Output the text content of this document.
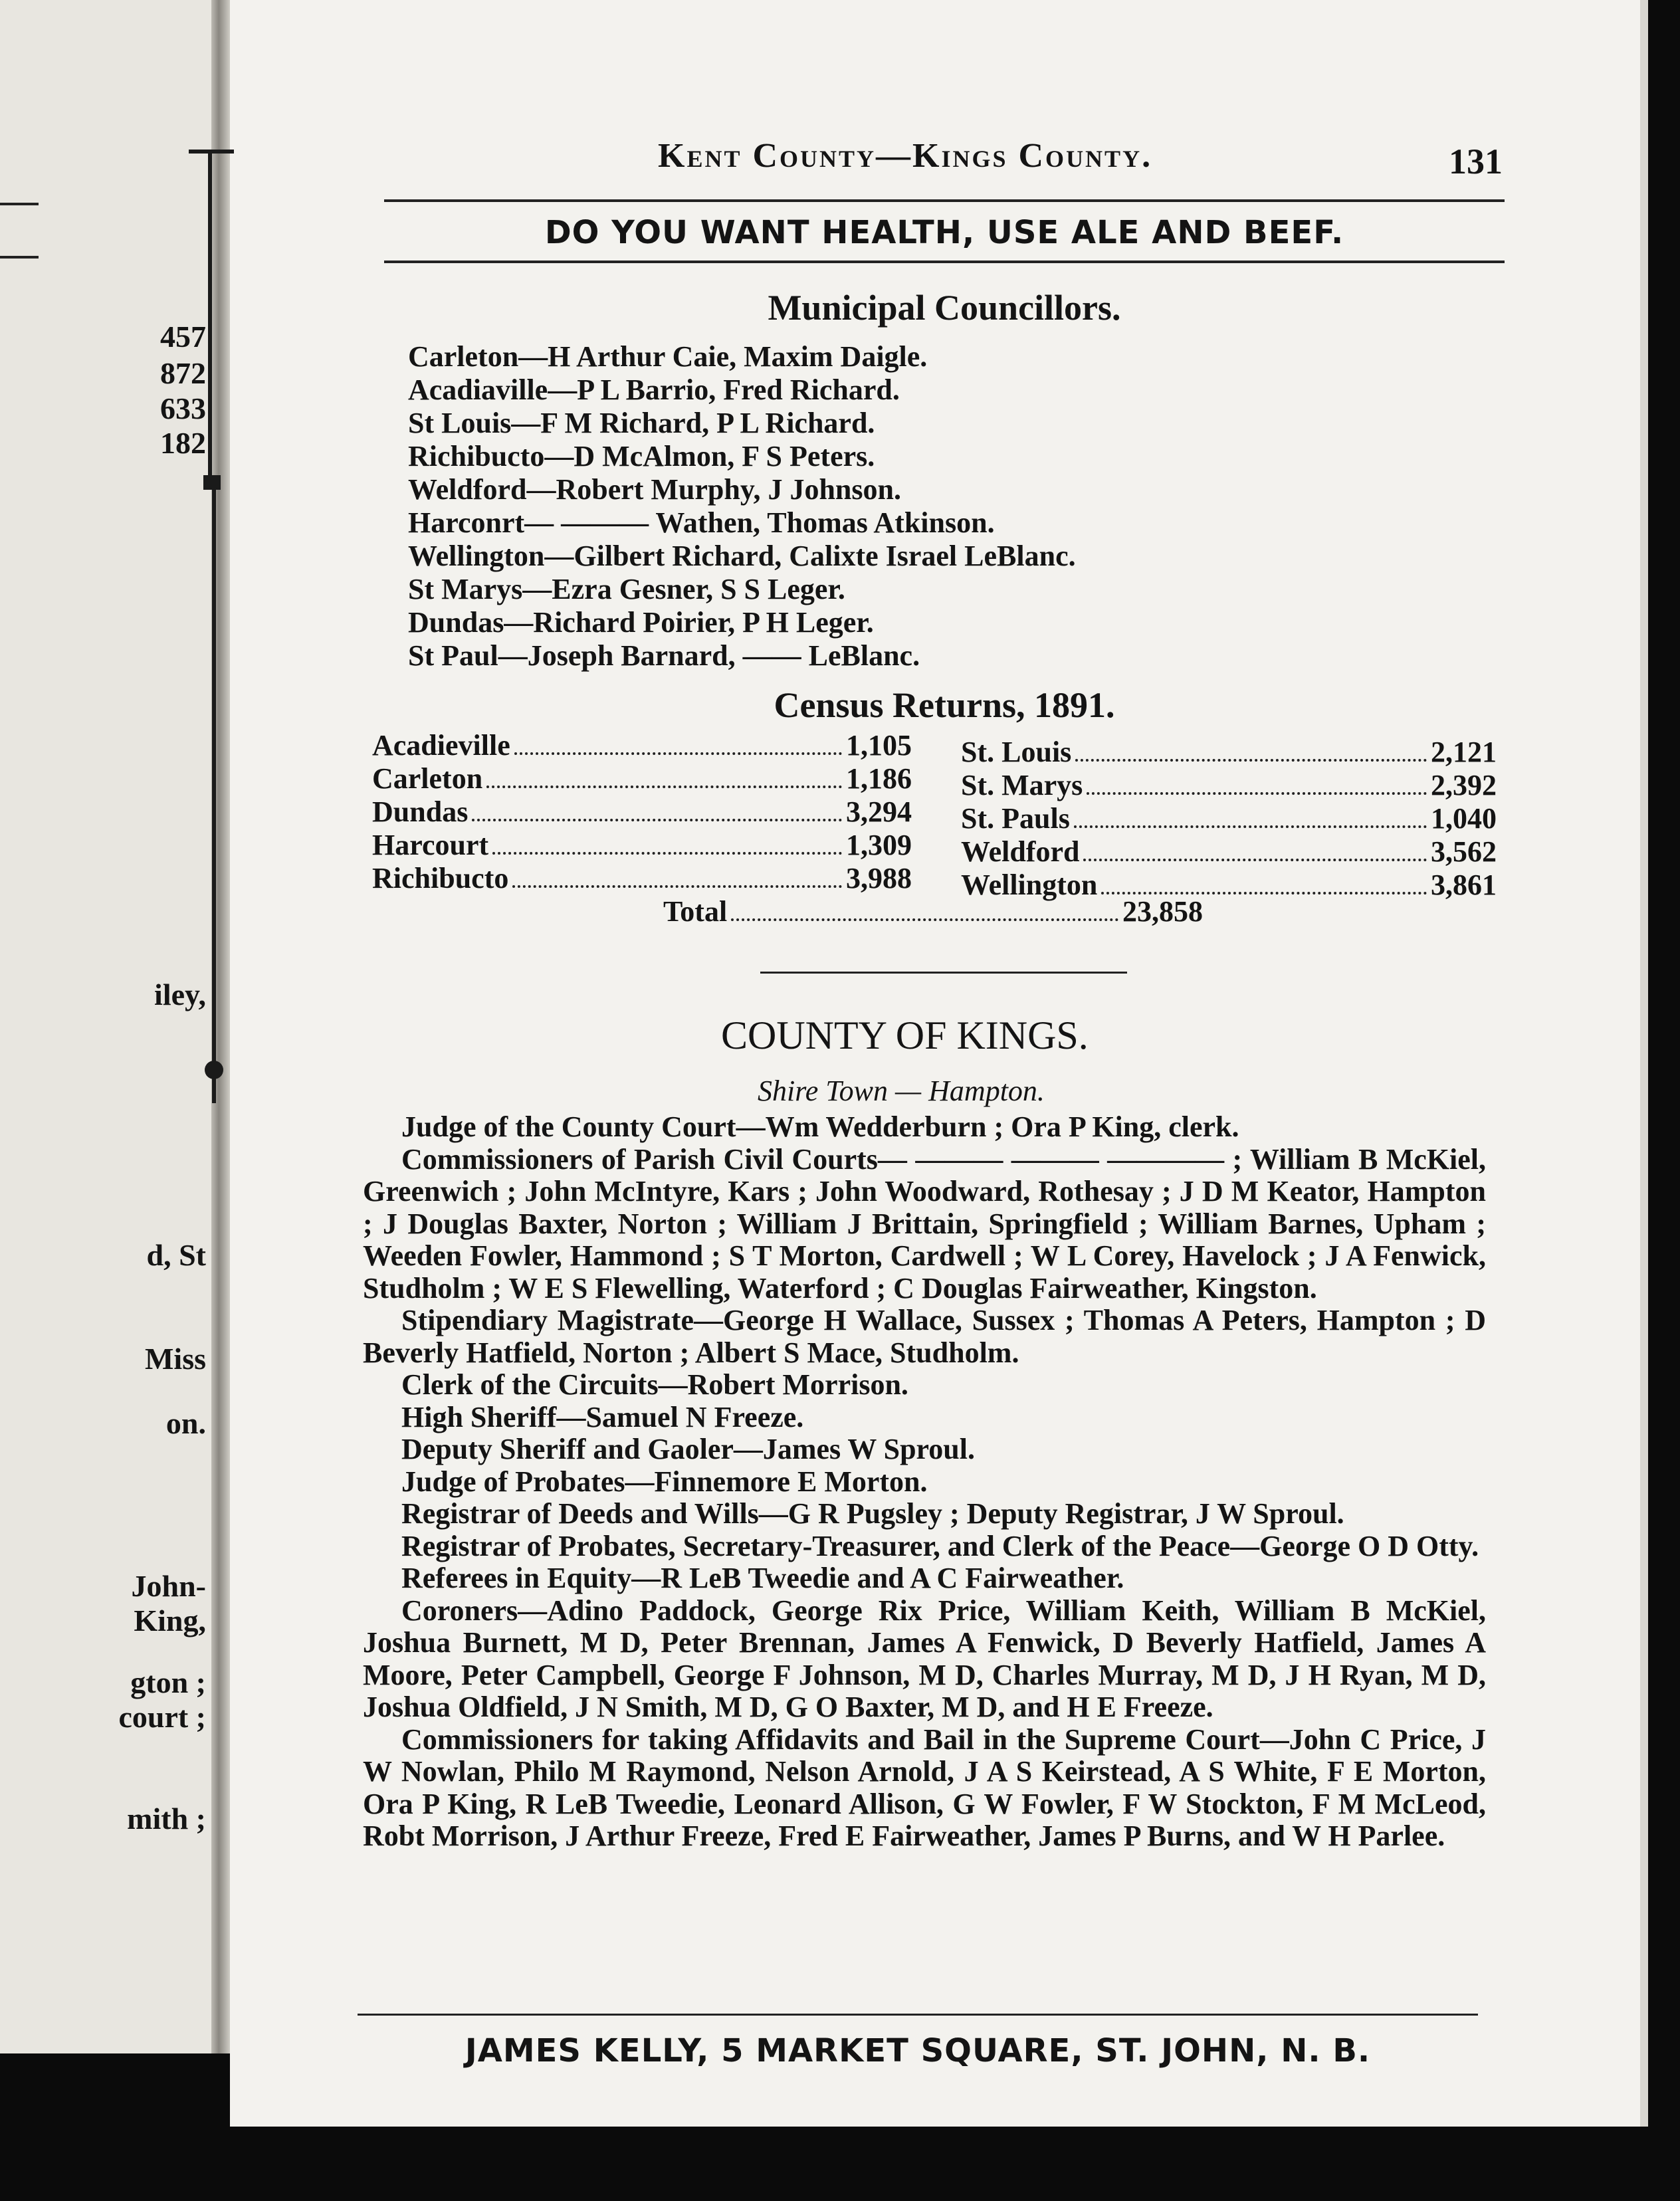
457
872
633
182
iley,
d, St
Miss
on.
John-
King,
gton ;
court ;
mith ;
Kent County—Kings County.	131
DO YOU WANT HEALTH, USE ALE AND BEEF.
Municipal Councillors.
Carleton—H Arthur Caie, Maxim Daigle.
Acadiaville—P L Barrio, Fred Richard.
St Louis—F M Richard, P L Richard.
Richibucto—D McAlmon, F S Peters.
Weldford—Robert Murphy, J Johnson.
Harconrt— ——— Wathen, Thomas Atkinson.
Wellington—Gilbert Richard, Calixte Israel LeBlanc.
St Marys—Ezra Gesner, S S Leger.
Dundas—Richard Poirier, P H Leger.
St Paul—Joseph Barnard, —— LeBlanc.
Census Returns, 1891.
Acadieville	1,105
Carleton	1,186
Dundas	3,294
Harcourt	1,309
Richibucto	3,988
St. Louis	2,121
St. Marys	2,392
St. Pauls	1,040
Weldford	3,562
Wellington	3,861
Total	23,858
COUNTY OF KINGS.
Shire Town — Hampton.

Judge of the County Court—Wm Wedderburn ; Ora P King, clerk.

Commissioners of Parish Civil Courts— ——— ——— ———— ; William B McKiel, Greenwich ; John McIntyre, Kars ; John Woodward, Rothesay ; J D M Keator, Hampton ; J Douglas Baxter, Norton ; William J Brittain, Springfield ; William Barnes, Upham ; Weeden Fowler, Hammond ; S T Morton, Cardwell ; W L Corey, Havelock ; J A Fenwick, Studholm ; W E S Flewelling, Waterford ; C Douglas Fairweather, Kingston.

Stipendiary Magistrate—George H Wallace, Sussex ; Thomas A Peters, Hampton ; D Beverly Hatfield, Norton ; Albert S Mace, Studholm.

Clerk of the Circuits—Robert Morrison.

High Sheriff—Samuel N Freeze.

Deputy Sheriff and Gaoler—James W Sproul.

Judge of Probates—Finnemore E Morton.

Registrar of Deeds and Wills—G R Pugsley ; Deputy Registrar, J W Sproul.

Registrar of Probates, Secretary-Treasurer, and Clerk of the Peace—George O D Otty.

Referees in Equity—R LeB Tweedie and A C Fairweather.

Coroners—Adino Paddock, George Rix Price, William Keith, William B McKiel, Joshua Burnett, M D, Peter Brennan, James A Fenwick, D Beverly Hatfield, James A Moore, Peter Campbell, George F Johnson, M D, Charles Murray, M D, J H Ryan, M D, Joshua Oldfield, J N Smith, M D, G O Baxter, M D, and H E Freeze.

Commissioners for taking Affidavits and Bail in the Supreme Court—John C Price, J W Nowlan, Philo M Raymond, Nelson Arnold, J A S Keirstead, A S White, F E Morton, Ora P King, R LeB Tweedie, Leonard Allison, G W Fowler, F W Stockton, F M McLeod, Robt Morrison, J Arthur Freeze, Fred E Fairweather, James P Burns, and W H Parlee.

JAMES KELLY, 5 MARKET SQUARE, ST. JOHN, N. B.
